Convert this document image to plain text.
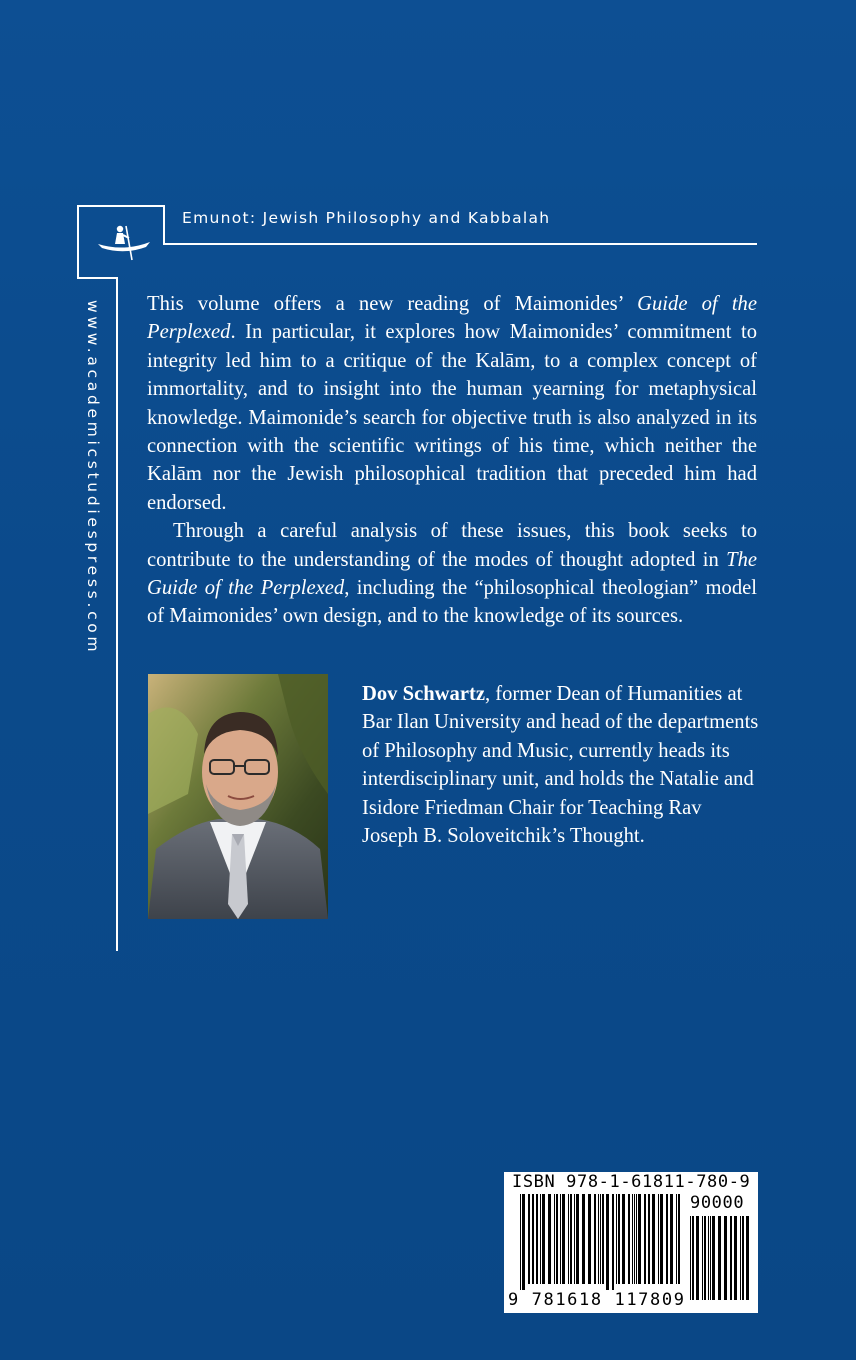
Emunot: Jewish Philosophy and Kabbalah
www.academicstudiespress.com This volume offers a new reading of Maimonides’ Guide of the Perplexed. In particular, it explores how Maimonides’ commitment to integrity led him to a critique of the Kalām, to a complex concept of immortality, and to insight into the human yearning for metaphysical knowledge. Maimonide’s search for objective truth is also analyzed in its connection with the scientific writings of his time, which neither the Kalām nor the Jewish philosophical tradition that preceded him had endorsed.

Through a careful analysis of these issues, this book seeks to contribute to the understanding of the modes of thought adopted in The Guide of the Perplexed, including the “philosophical theologian” model of Maimonides’ own design, and to the knowledge of its sources.

Dov Schwartz, former Dean of Humanities at Bar Ilan University and head of the departments of Philosophy and Music, currently heads its interdisciplinary unit, and holds the Natalie and Isidore Friedman Chair for Teaching Rav Joseph B. Soloveitchik’s Thought.
ISBN 978-1-61811-780-9
90000
9 781618 117809
